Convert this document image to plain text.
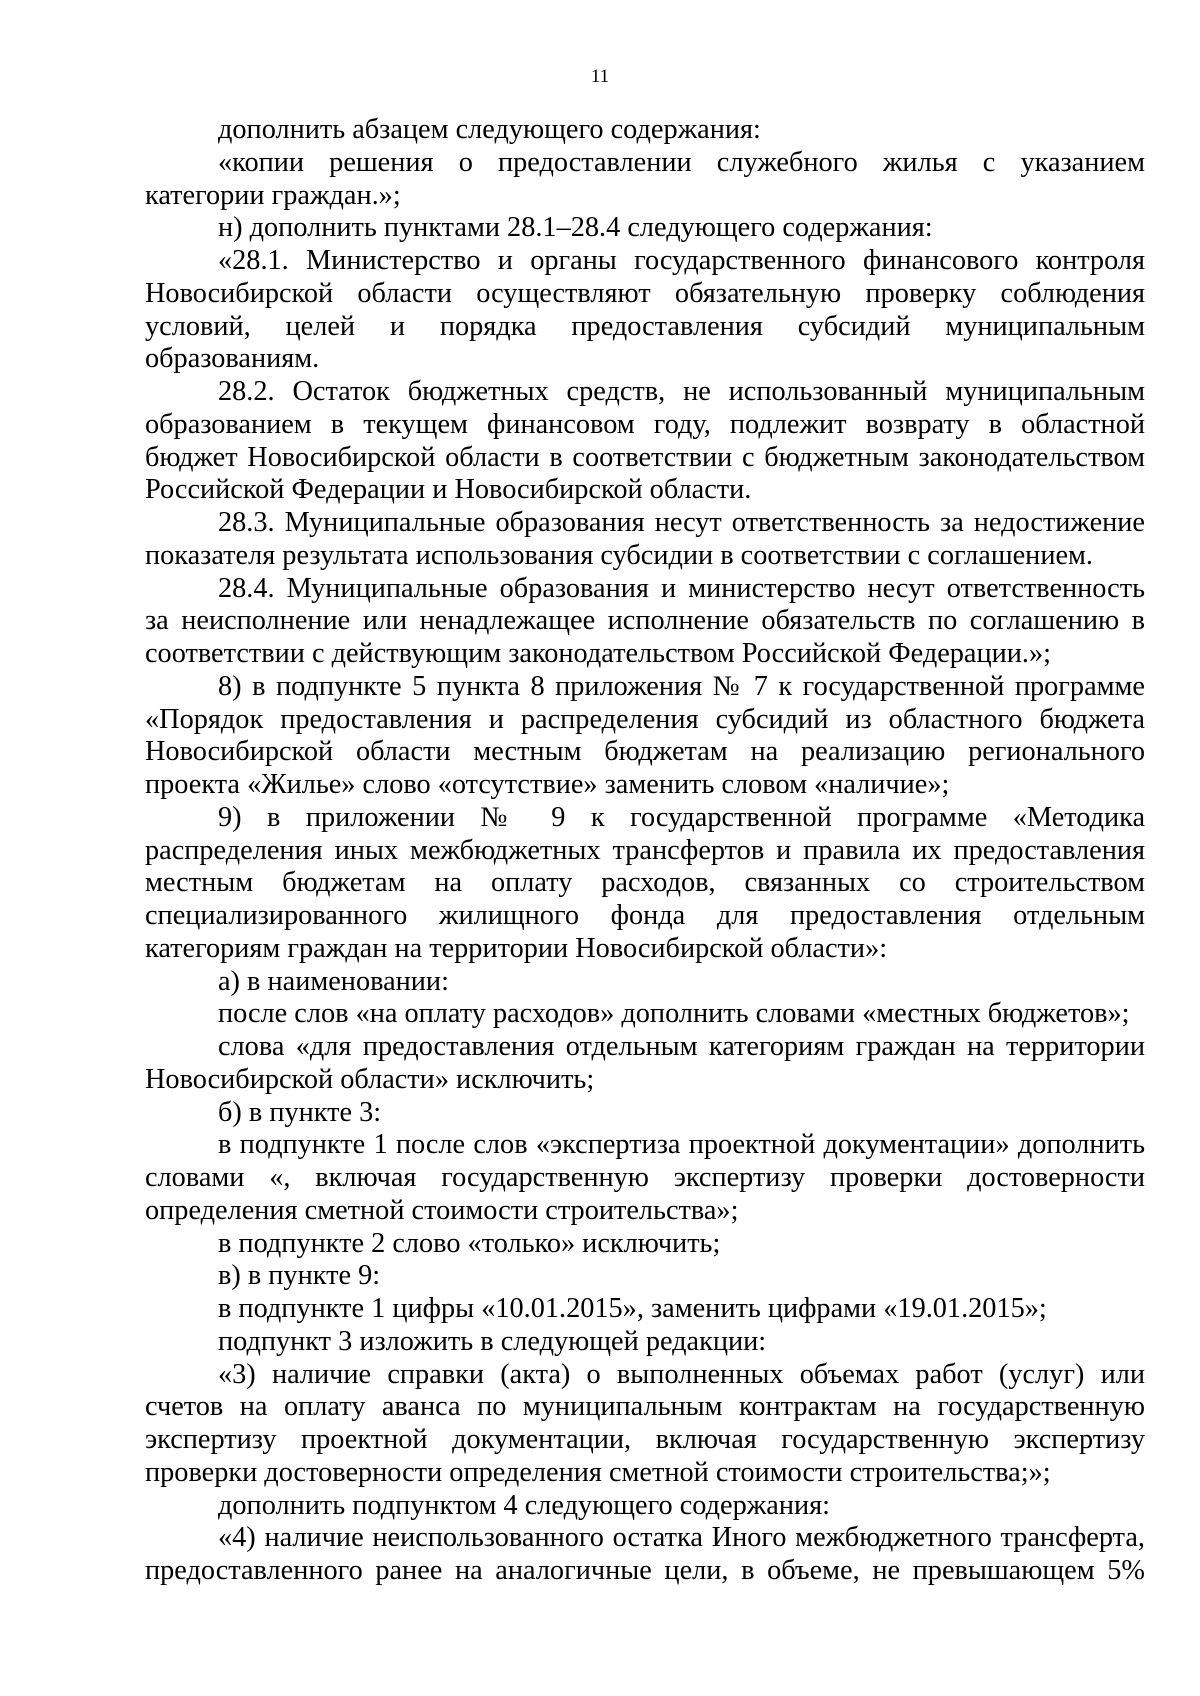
11

дополнить абзацем следующего содержания:

«копии решения о предоставлении служебного жилья с указанием категории граждан.»;

н) дополнить пунктами 28.1–28.4 следующего содержания:

«28.1. Министерство и органы государственного финансового контроля Новосибирской области осуществляют обязательную проверку соблюдения условий, целей и порядка предоставления субсидий муниципальным образованиям.

28.2. Остаток бюджетных средств, не использованный муниципальным образованием в текущем финансовом году, подлежит возврату в областной бюджет Новосибирской области в соответствии с бюджетным законодательством Российской Федерации и Новосибирской области.

28.3. Муниципальные образования несут ответственность за недостижение показателя результата использования субсидии в соответствии с соглашением.

28.4. Муниципальные образования и министерство несут ответственность за неисполнение или ненадлежащее исполнение обязательств по соглашению в соответствии с действующим законодательством Российской Федерации.»;

8) в подпункте 5 пункта 8 приложения № 7 к государственной программе «Порядок предоставления и распределения субсидий из областного бюджета Новосибирской области местным бюджетам на реализацию регионального проекта «Жилье» слово «отсутствие» заменить словом «наличие»;

9) в приложении № 9 к государственной программе «Методика распределения иных межбюджетных трансфертов и правила их предоставления местным бюджетам на оплату расходов, связанных со строительством специализированного жилищного фонда для предоставления отдельным категориям граждан на территории Новосибирской области»:

а) в наименовании:

после слов «на оплату расходов» дополнить словами «местных бюджетов»;

слова «для предоставления отдельным категориям граждан на территории Новосибирской области» исключить;

б) в пункте 3:

в подпункте 1 после слов «экспертиза проектной документации» дополнить словами «, включая государственную экспертизу проверки достоверности определения сметной стоимости строительства»;

в подпункте 2 слово «только» исключить;

в) в пункте 9:

в подпункте 1 цифры «10.01.2015», заменить цифрами «19.01.2015»;

подпункт 3 изложить в следующей редакции:

«3) наличие справки (акта) о выполненных объемах работ (услуг) или счетов на оплату аванса по муниципальным контрактам на государственную экспертизу проектной документации, включая государственную экспертизу проверки достоверности определения сметной стоимости строительства;»;

дополнить подпунктом 4 следующего содержания:

«4) наличие неиспользованного остатка Иного межбюджетного трансферта, предоставленного ранее на аналогичные цели, в объеме, не превышающем 5%
